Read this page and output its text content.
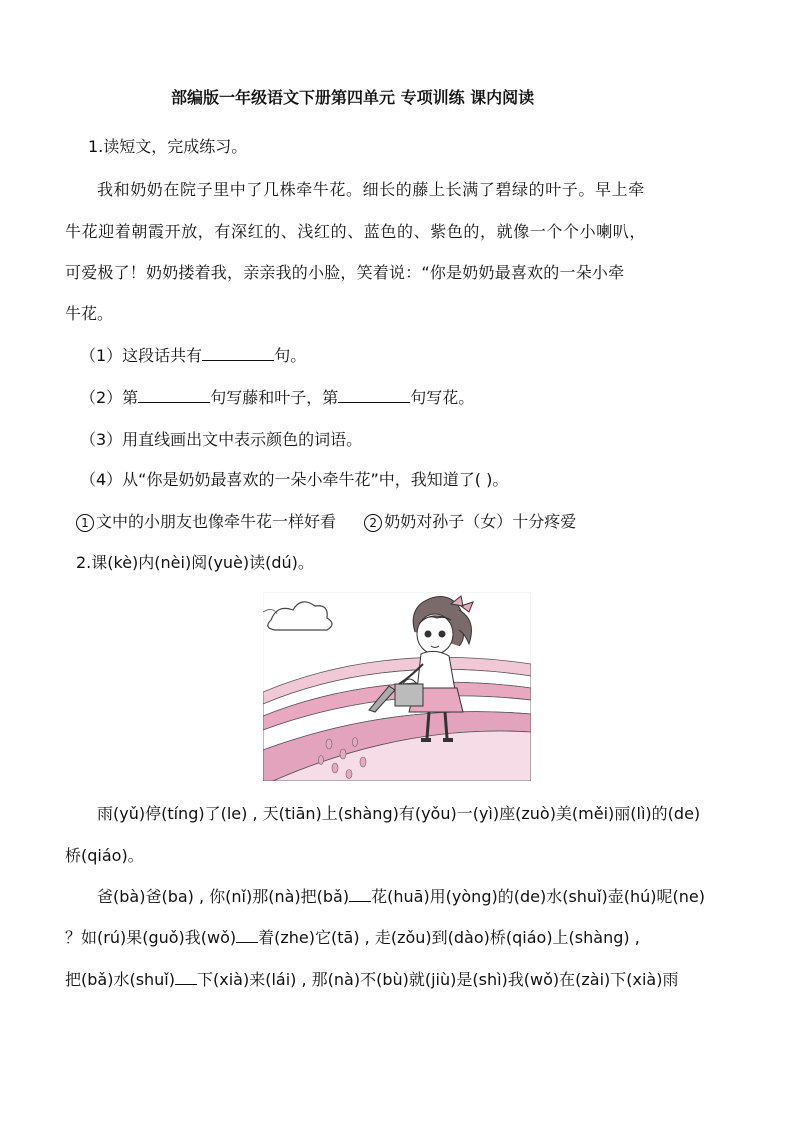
部编版一年级语文下册第四单元 专项训练 课内阅读
1.读短文，完成练习。
我和奶奶在院子里中了几株牵牛花。细长的藤上长满了碧绿的叶子。早上牵
牛花迎着朝霞开放，有深红的、浅红的、蓝色的、紫色的，就像一个个小喇叭，
可爱极了！奶奶搂着我，亲亲我的小脸，笑着说：“你是奶奶最喜欢的一朵小牵
牛花。
（1）这段话共有	句。
（2）第	句写藤和叶子，第	句写花。
（3）用直线画出文中表示颜色的词语。
（4）从“你是奶奶最喜欢的一朵小牵牛花”中，我知道了( )。
1 文中的小朋友也像牵牛花一样好看	2 奶奶对孙子（女）十分疼爱
2.课(kè)内(nèi)阅(yuè)读(dú)。
雨(yǔ)停(tíng)了(le) , 天(tiān)上(shàng)有(yǒu)一(yì)座(zuò)美(měi)丽(lì)的(de)
桥(qiáo)。
爸(bà)爸(ba) , 你(nǐ)那(nà)把(bǎ) 花(huā)用(yòng)的(de)水(shuǐ)壶(hú)呢(ne)
？如(rú)果(guǒ)我(wǒ) 着(zhe)它(tā) , 走(zǒu)到(dào)桥(qiáo)上(shàng) ,
把(bǎ)水(shuǐ) 下(xià)来(lái) , 那(nà)不(bù)就(jiù)是(shì)我(wǒ)在(zài)下(xià)雨
